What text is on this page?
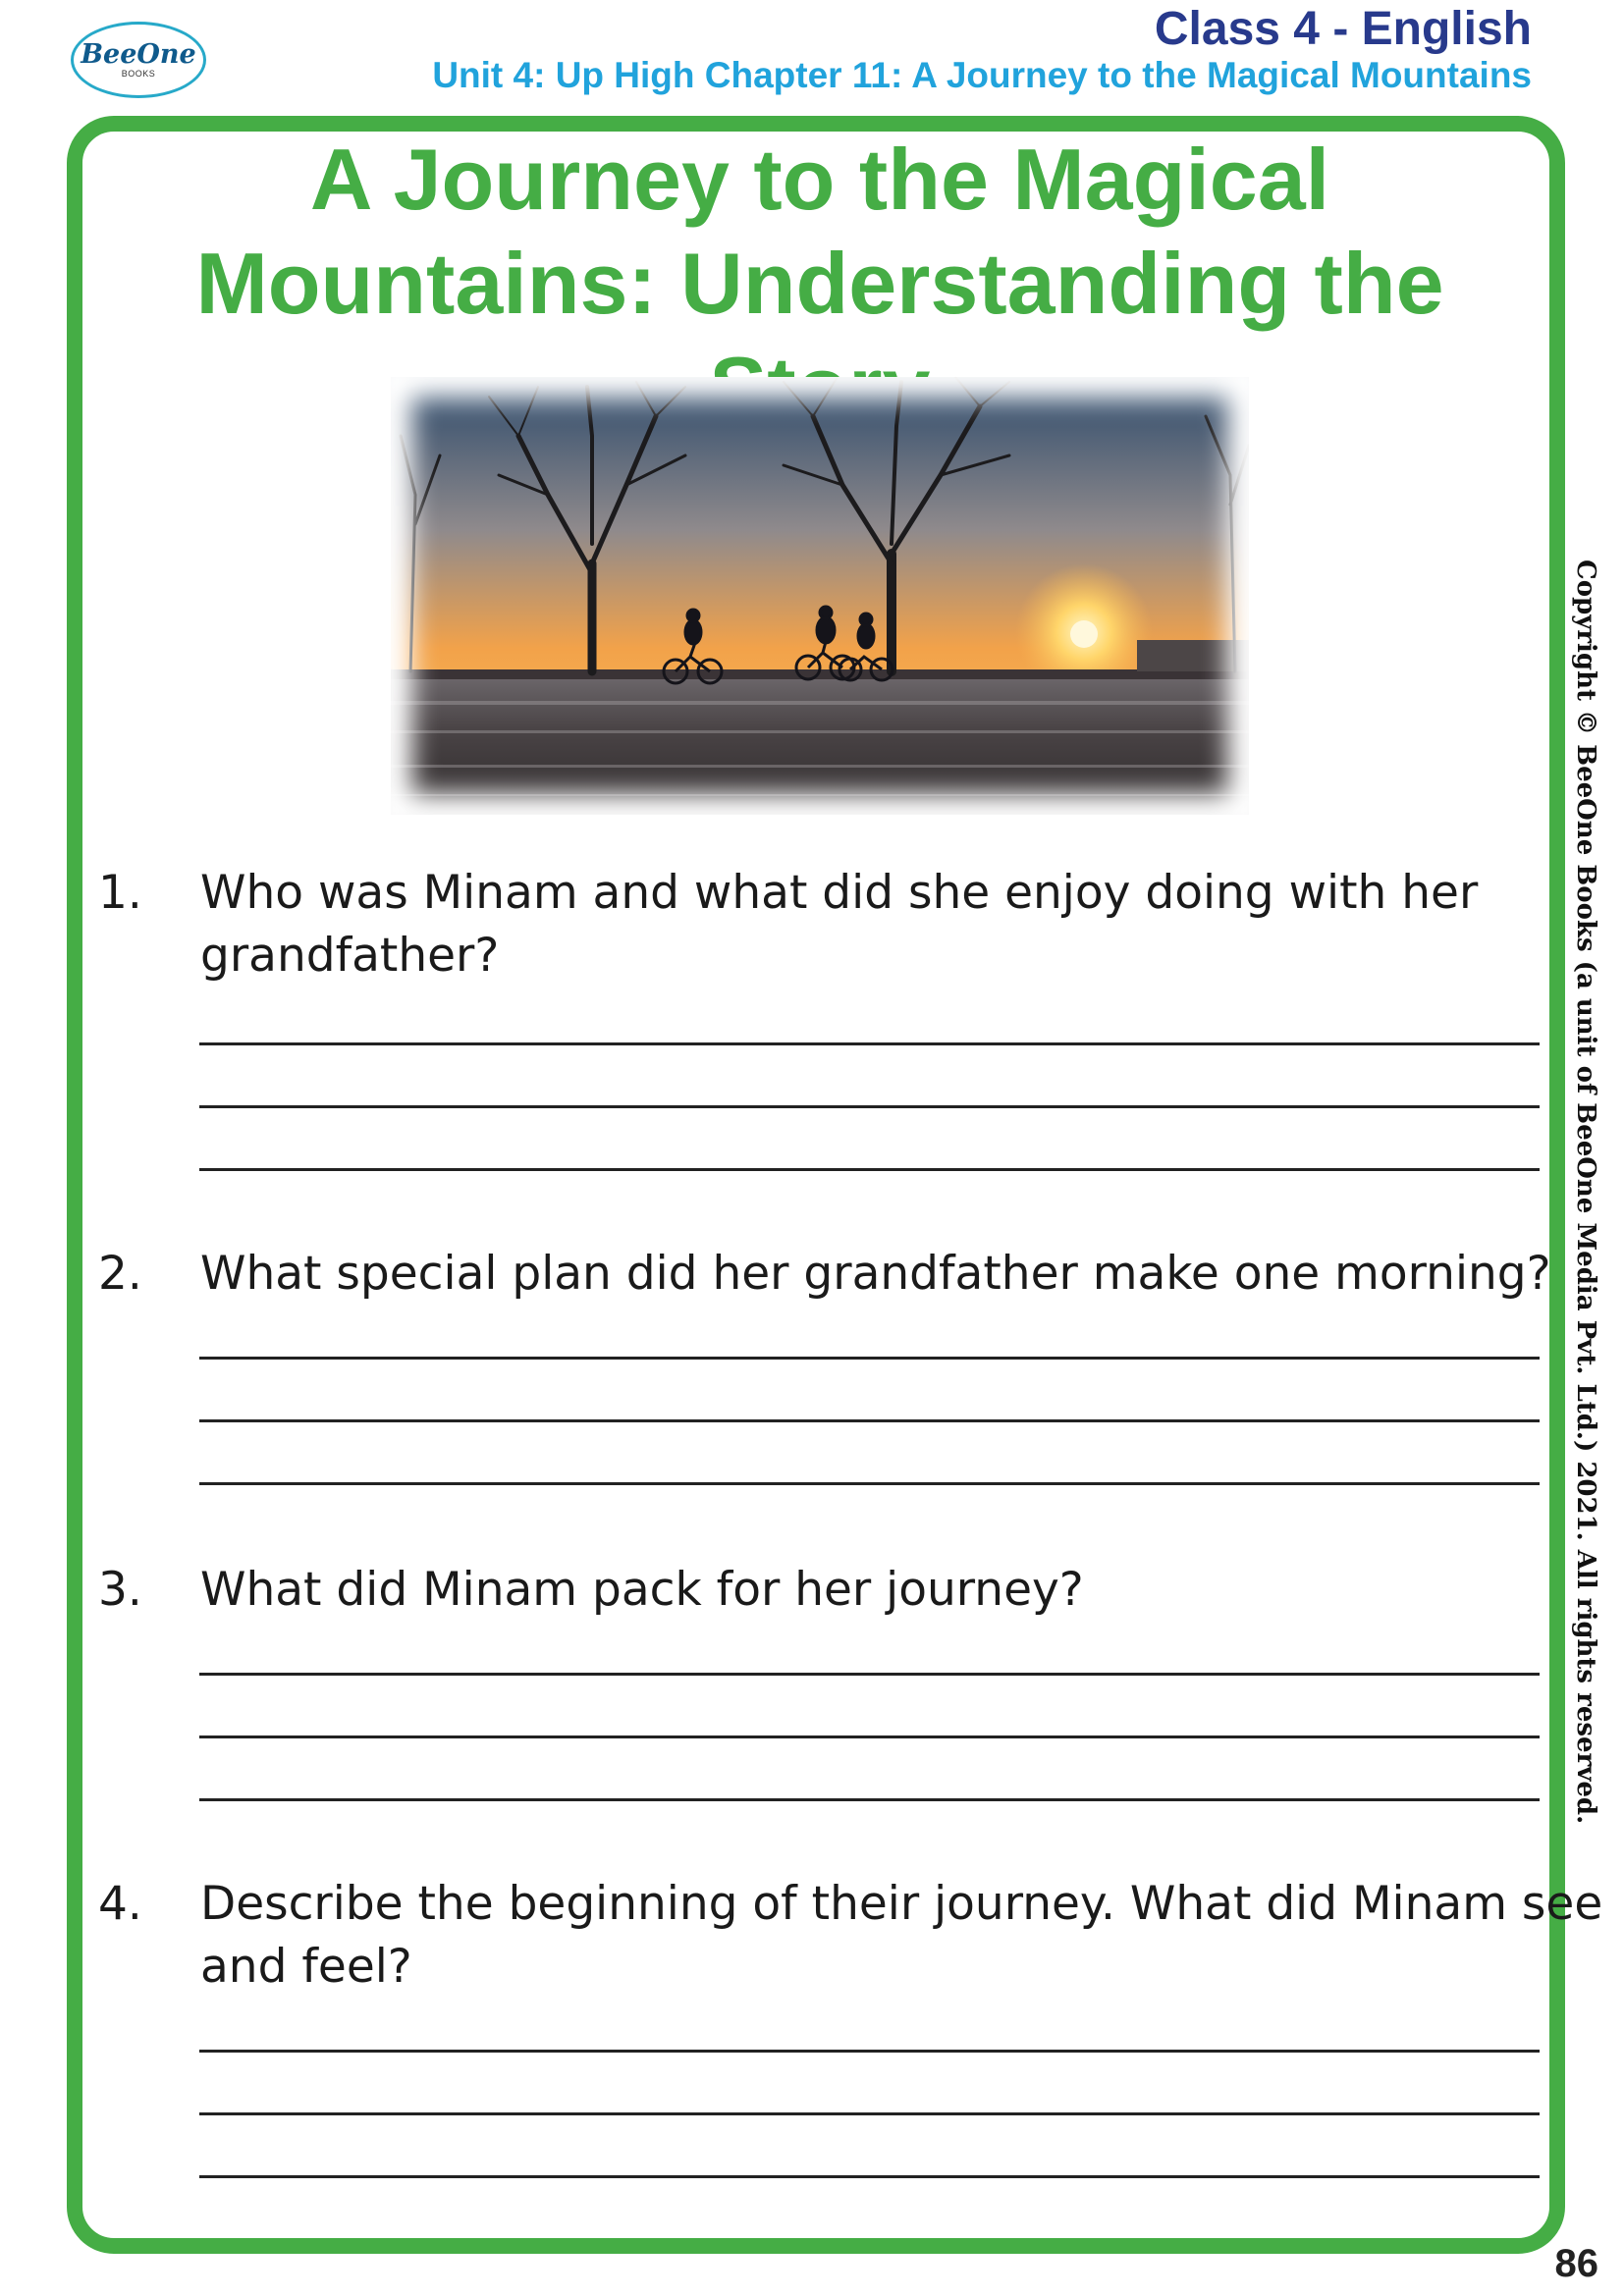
BeeOne
BOOKS
Class 4 - English
Unit 4: Up High Chapter 11: A Journey to the Magical Mountains
A Journey to the Magical
Mountains: Understanding the
1.	Who was Minam and what did she enjoy doing with her grandfather?
2.	What special plan did her grandfather make one morning?
3.	What did Minam pack for her journey?
4.	Describe the beginning of their journey. What did Minam see and feel?
Copyright © BeeOne Books (a unit of BeeOne Media Pvt. Ltd.) 2021. All rights reserved.
86
